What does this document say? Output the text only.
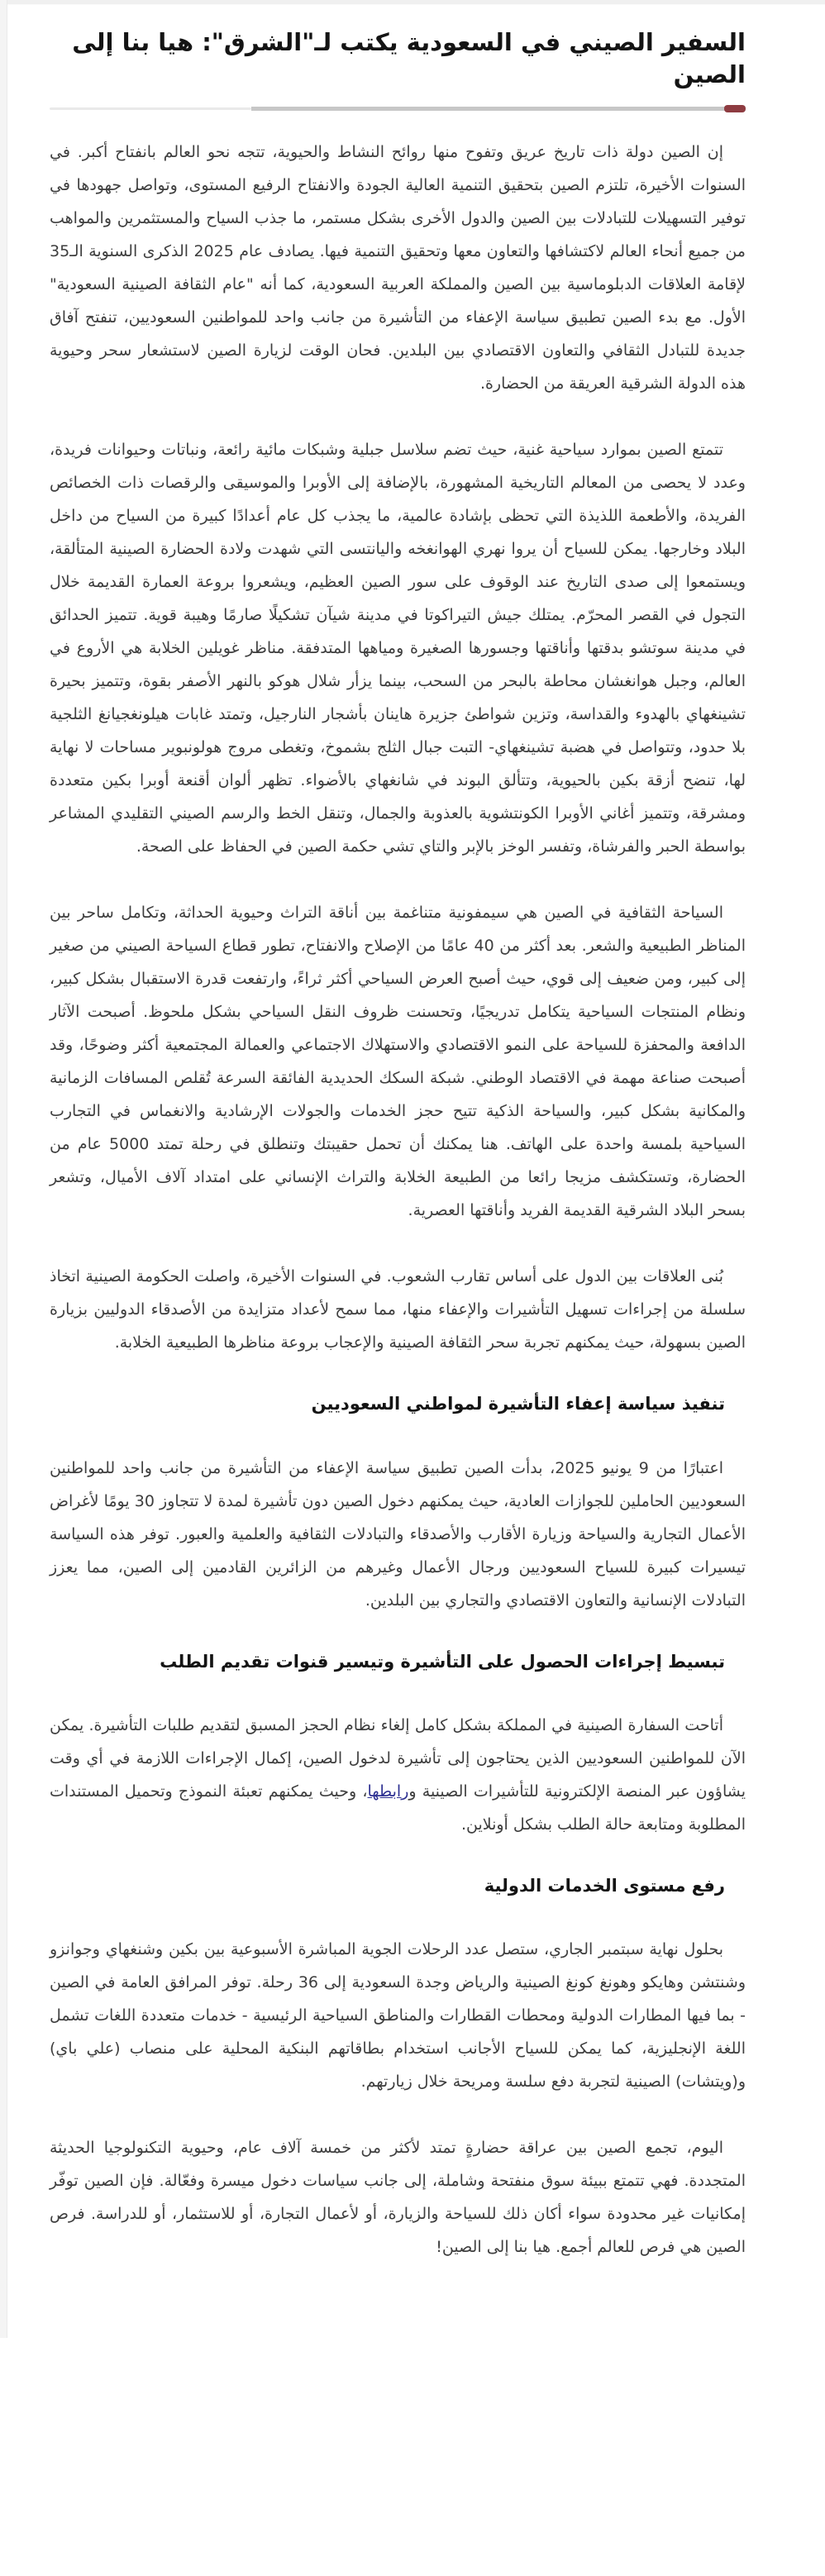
السفير الصيني في السعودية يكتب لـ"الشرق": هيا بنا إلى الصين

إن الصين دولة ذات تاريخ عريق وتفوح منها روائح النشاط والحيوية، تتجه نحو العالم بانفتاح أكبر. في السنوات الأخيرة، تلتزم الصين بتحقيق التنمية العالية الجودة والانفتاح الرفيع المستوى، وتواصل جهودها في توفير التسهيلات للتبادلات بين الصين والدول الأخرى بشكل مستمر، ما جذب السياح والمستثمرين والمواهب من جميع أنحاء العالم لاكتشافها والتعاون معها وتحقيق التنمية فيها. يصادف عام 2025 الذكرى السنوية الـ35 لإقامة العلاقات الدبلوماسية بين الصين والمملكة العربية السعودية، كما أنه "عام الثقافة الصينية السعودية" الأول. مع بدء الصين تطبيق سياسة الإعفاء من التأشيرة من جانب واحد للمواطنين السعوديين، تنفتح آفاق جديدة للتبادل الثقافي والتعاون الاقتصادي بين البلدين. فحان الوقت لزيارة الصين لاستشعار سحر وحيوية هذه الدولة الشرقية العريقة من الحضارة.

تتمتع الصين بموارد سياحية غنية، حيث تضم سلاسل جبلية وشبكات مائية رائعة، ونباتات وحيوانات فريدة، وعدد لا يحصى من المعالم التاريخية المشهورة، بالإضافة إلى الأوبرا والموسيقى والرقصات ذات الخصائص الفريدة، والأطعمة اللذيذة التي تحظى بإشادة عالمية، ما يجذب كل عام أعدادًا كبيرة من السياح من داخل البلاد وخارجها. يمكن للسياح أن يروا نهري الهوانغخه واليانتسى التي شهدت ولادة الحضارة الصينية المتألقة، ويستمعوا إلى صدى التاريخ عند الوقوف على سور الصين العظيم، ويشعروا بروعة العمارة القديمة خلال التجول في القصر المحرّم. يمتلك جيش التيراكوتا في مدينة شيآن تشكيلًا صارمًا وهيبة قوية. تتميز الحدائق في مدينة سوتشو بدقتها وأناقتها وجسورها الصغيرة ومياهها المتدفقة. مناظر غويلين الخلابة هي الأروع في العالم، وجبل هوانغشان محاطة بالبحر من السحب، بينما يزأر شلال هوكو بالنهر الأصفر بقوة، وتتميز بحيرة تشينغهاي بالهدوء والقداسة، وتزين شواطئ جزيرة هاينان بأشجار النارجيل، وتمتد غابات هيلونغجيانغ الثلجية بلا حدود، وتتواصل في هضبة تشينغهاي- التبت جبال الثلج بشموخ، وتغطى مروج هولونبوير مساحات لا نهاية لها، تنضح أزقة بكين بالحيوية، وتتألق البوند في شانغهاي بالأضواء. تظهر ألوان أقنعة أوبرا بكين متعددة ومشرقة، وتتميز أغاني الأوبرا الكونتشوية بالعذوبة والجمال، وتنقل الخط والرسم الصيني التقليدي المشاعر بواسطة الحبر والفرشاة، وتفسر الوخز بالإبر والتاي تشي حكمة الصين في الحفاظ على الصحة.

السياحة الثقافية في الصين هي سيمفونية متناغمة بين أناقة التراث وحيوية الحداثة، وتكامل ساحر بين المناظر الطبيعية والشعر. بعد أكثر من 40 عامًا من الإصلاح والانفتاح، تطور قطاع السياحة الصيني من صغير إلى كبير، ومن ضعيف إلى قوي، حيث أصبح العرض السياحي أكثر ثراءً، وارتفعت قدرة الاستقبال بشكل كبير، ونظام المنتجات السياحية يتكامل تدريجيًا، وتحسنت ظروف النقل السياحي بشكل ملحوظ. أصبحت الآثار الدافعة والمحفزة للسياحة على النمو الاقتصادي والاستهلاك الاجتماعي والعمالة المجتمعية أكثر وضوحًا، وقد أصبحت صناعة مهمة في الاقتصاد الوطني. شبكة السكك الحديدية الفائقة السرعة تُقلص المسافات الزمانية والمكانية بشكل كبير، والسياحة الذكية تتيح حجز الخدمات والجولات الإرشادية والانغماس في التجارب السياحية بلمسة واحدة على الهاتف. هنا يمكنك أن تحمل حقيبتك وتنطلق في رحلة تمتد 5000 عام من الحضارة، وتستكشف مزيجا رائعا من الطبيعة الخلابة والتراث الإنساني على امتداد آلاف الأميال، وتشعر بسحر البلاد الشرقية القديمة الفريد وأناقتها العصرية.

بُنى العلاقات بين الدول على أساس تقارب الشعوب. في السنوات الأخيرة، واصلت الحكومة الصينية اتخاذ سلسلة من إجراءات تسهيل التأشيرات والإعفاء منها، مما سمح لأعداد متزايدة من الأصدقاء الدوليين بزيارة الصين بسهولة، حيث يمكنهم تجربة سحر الثقافة الصينية والإعجاب بروعة مناظرها الطبيعية الخلابة.

تنفيذ سياسة إعفاء التأشيرة لمواطني السعوديين

اعتبارًا من 9 يونيو 2025، بدأت الصين تطبيق سياسة الإعفاء من التأشيرة من جانب واحد للمواطنين السعوديين الحاملين للجوازات العادية، حيث يمكنهم دخول الصين دون تأشيرة لمدة لا تتجاوز 30 يومًا لأغراض الأعمال التجارية والسياحة وزيارة الأقارب والأصدقاء والتبادلات الثقافية والعلمية والعبور. توفر هذه السياسة تيسيرات كبيرة للسياح السعوديين ورجال الأعمال وغيرهم من الزائرين القادمين إلى الصين، مما يعزز التبادلات الإنسانية والتعاون الاقتصادي والتجاري بين البلدين.

تبسيط إجراءات الحصول على التأشيرة وتيسير قنوات تقديم الطلب

أتاحت السفارة الصينية في المملكة بشكل كامل إلغاء نظام الحجز المسبق لتقديم طلبات التأشيرة. يمكن الآن للمواطنين السعوديين الذين يحتاجون إلى تأشيرة لدخول الصين، إكمال الإجراءات اللازمة في أي وقت يشاؤون عبر المنصة الإلكترونية للتأشيرات الصينية ورابطها، وحيث يمكنهم تعبئة النموذج وتحميل المستندات المطلوبة ومتابعة حالة الطلب بشكل أونلاين.

رفع مستوى الخدمات الدولية

بحلول نهاية سبتمبر الجاري، ستصل عدد الرحلات الجوية المباشرة الأسبوعية بين بكين وشنغهاي وجوانزو وشنتشن وهايكو وهونغ كونغ الصينية والرياض وجدة السعودية إلى 36 رحلة. توفر المرافق العامة في الصين - بما فيها المطارات الدولية ومحطات القطارات والمناطق السياحية الرئيسية - خدمات متعددة اللغات تشمل اللغة الإنجليزية، كما يمكن للسياح الأجانب استخدام بطاقاتهم البنكية المحلية على منصاب (علي باي) و(ويتشات) الصينية لتجربة دفع سلسة ومريحة خلال زيارتهم.

اليوم، تجمع الصين بين عراقة حضارةٍ تمتد لأكثر من خمسة آلاف عام، وحيوية التكنولوجيا الحديثة المتجددة. فهي تتمتع ببيئة سوق منفتحة وشاملة، إلى جانب سياسات دخول ميسرة وفعّالة. فإن الصين توفّر إمكانيات غير محدودة سواء أكان ذلك للسياحة والزيارة، أو لأعمال التجارة، أو للاستثمار، أو للدراسة. فرص الصين هي فرص للعالم أجمع. هيا بنا إلى الصين!
